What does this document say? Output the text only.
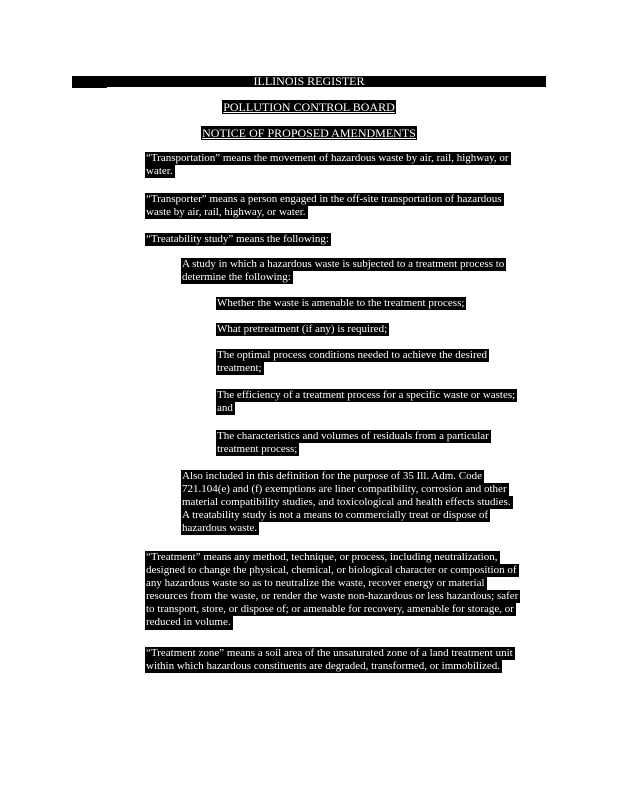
ILLINOIS REGISTER
POLLUTION CONTROL BOARD
NOTICE OF PROPOSED AMENDMENTS
“Transportation” means the movement of hazardous waste by air, rail, highway, or
water.
“Transporter” means a person engaged in the off-site transportation of hazardous
waste by air, rail, highway, or water.
“Treatability study” means the following:
A study in which a hazardous waste is subjected to a treatment process to
determine the following:
Whether the waste is amenable to the treatment process;
What pretreatment (if any) is required;
The optimal process conditions needed to achieve the desired
treatment;
The efficiency of a treatment process for a specific waste or wastes;
and
The characteristics and volumes of residuals from a particular
treatment process;
Also included in this definition for the purpose of 35 Ill. Adm. Code
721.104(e) and (f) exemptions are liner compatibility, corrosion and other
material compatibility studies, and toxicological and health effects studies.
A treatability study is not a means to commercially treat or dispose of
hazardous waste.
“Treatment” means any method, technique, or process, including neutralization,
designed to change the physical, chemical, or biological character or composition of
any hazardous waste so as to neutralize the waste, recover energy or material
resources from the waste, or render the waste non-hazardous or less hazardous; safer
to transport, store, or dispose of; or amenable for recovery, amenable for storage, or
reduced in volume.
“Treatment zone” means a soil area of the unsaturated zone of a land treatment unit
within which hazardous constituents are degraded, transformed, or immobilized.
